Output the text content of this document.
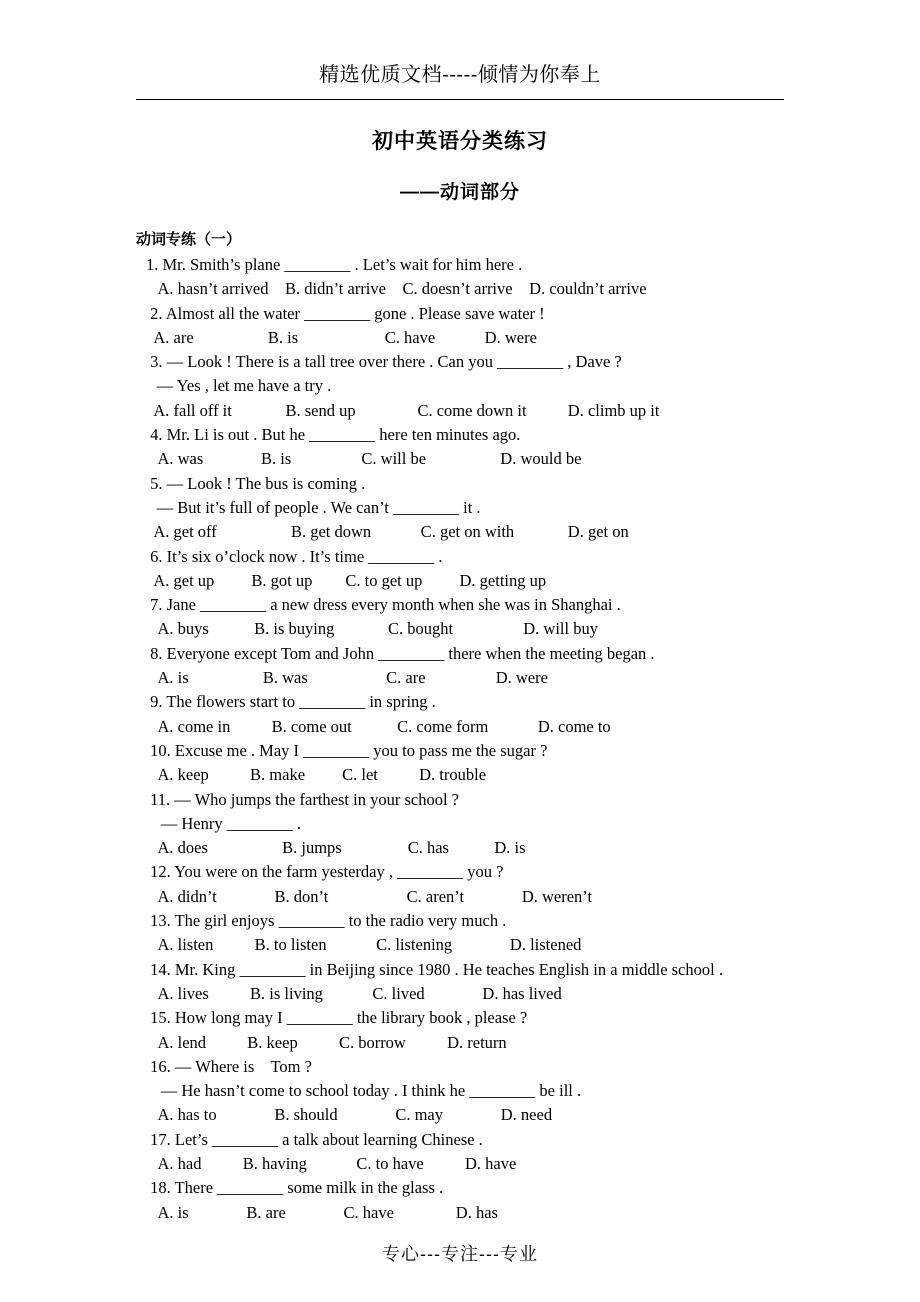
精选优质文档-----倾情为你奉上
初中英语分类练习
——动词部分
动词专练（一）
1. Mr. Smith’s plane ________ . Let’s wait for him here .
A. hasn’t arrived    B. didn’t arrive    C. doesn’t arrive    D. couldn’t arrive
2. Almost all the water ________ gone . Please save water !
A. are                  B. is                     C. have            D. were
3. — Look ! There is a tall tree over there . Can you ________ , Dave ?
— Yes , let me have a try .
A. fall off it             B. send up               C. come down it          D. climb up it
4. Mr. Li is out . But he ________ here ten minutes ago.
A. was              B. is                 C. will be                  D. would be
5. — Look ! The bus is coming .
— But it’s full of people . We can’t ________ it .
A. get off                  B. get down            C. get on with             D. get on
6. It’s six o’clock now . It’s time ________ .
A. get up         B. got up        C. to get up         D. getting up
7. Jane ________ a new dress every month when she was in Shanghai .
A. buys           B. is buying             C. bought                 D. will buy
8. Everyone except Tom and John ________ there when the meeting began .
A. is                  B. was                   C. are                 D. were
9. The flowers start to ________ in spring .
A. come in          B. come out           C. come form            D. come to
10. Excuse me . May I ________ you to pass me the sugar ?
A. keep          B. make         C. let          D. trouble
11. — Who jumps the farthest in your school ?
— Henry ________ .
A. does                  B. jumps                C. has           D. is
12. You were on the farm yesterday , ________ you ?
A. didn’t              B. don’t                   C. aren’t              D. weren’t
13. The girl enjoys ________ to the radio very much .
A. listen          B. to listen            C. listening              D. listened
14. Mr. King ________ in Beijing since 1980 . He teaches English in a middle school .
A. lives          B. is living            C. lived              D. has lived
15. How long may I ________ the library book , please ?
A. lend          B. keep          C. borrow          D. return
16. — Where is    Tom ?
— He hasn’t come to school today . I think he ________ be ill .
A. has to              B. should              C. may              D. need
17. Let’s ________ a talk about learning Chinese .
A. had          B. having            C. to have          D. have
18. There ________ some milk in the glass .
A. is              B. are              C. have               D. has
专心---专注---专业
